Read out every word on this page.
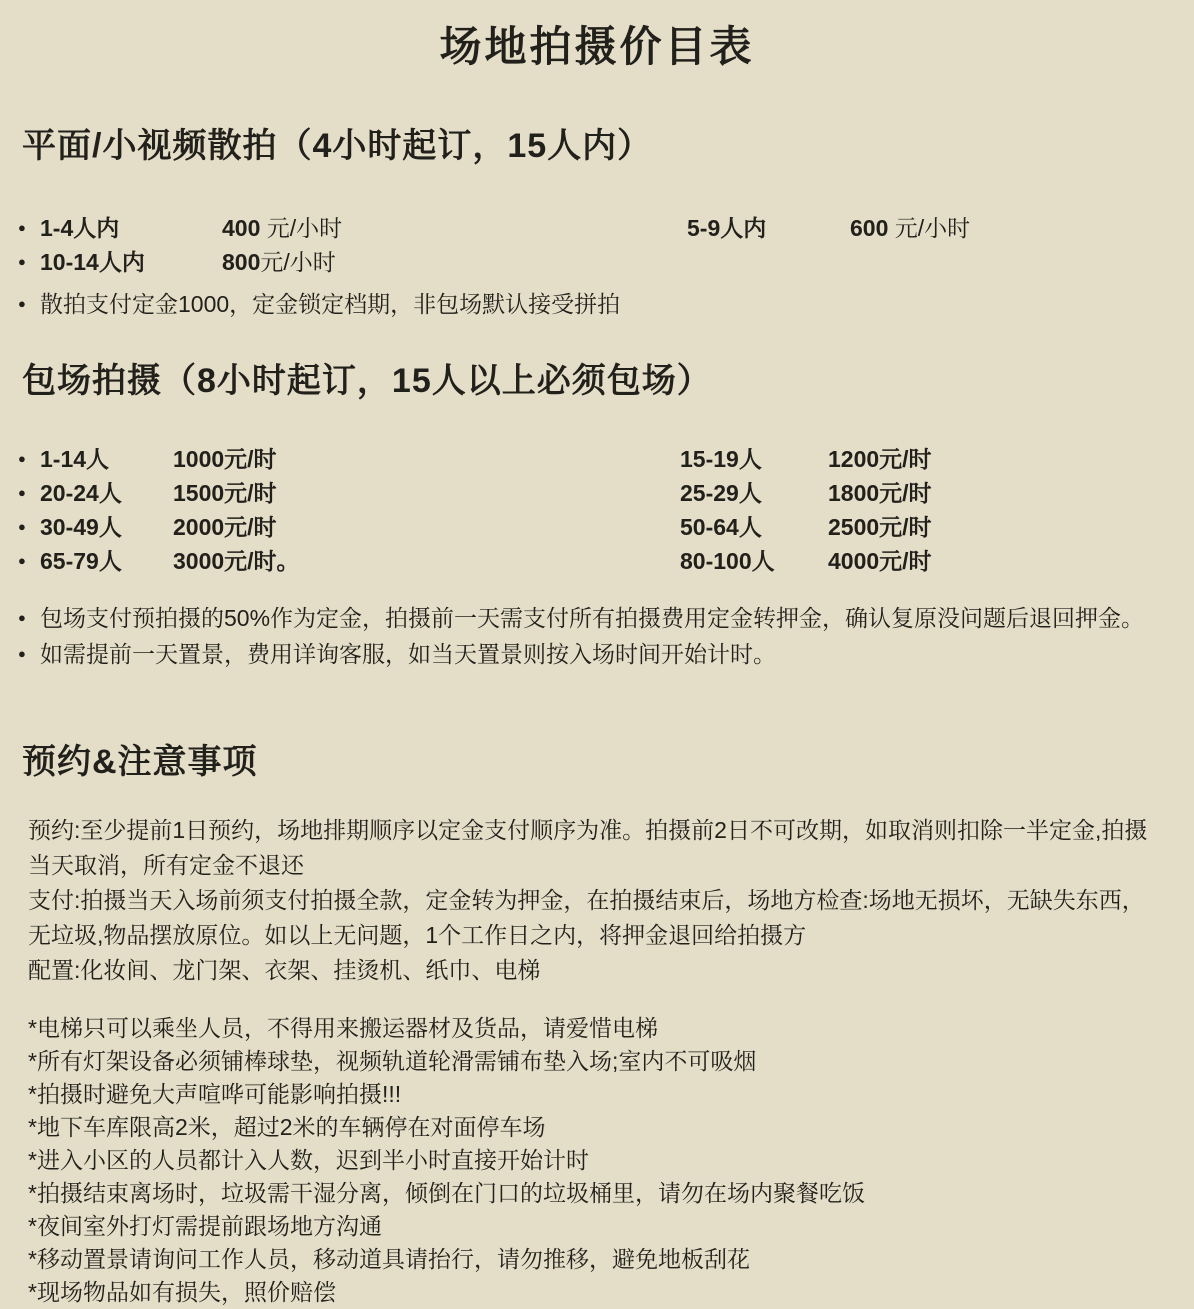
场地拍摄价目表
平面/小视频散拍（4小时起订，15人内）
● 1-4人内	400 元/小时	5-9人内	600 元/小时
● 10-14人内	800元/小时
● 散拍支付定金1000，定金锁定档期，非包场默认接受拼拍
包场拍摄（8小时起订，15人以上必须包场）
● 1-14人	1000元/时	15-19人	1200元/时
● 20-24人	1500元/时	25-29人	1800元/时
● 30-49人	2000元/时	50-64人	2500元/时
● 65-79人	3000元/时。	80-100人	4000元/时
● 包场支付预拍摄的50%作为定金，拍摄前一天需支付所有拍摄费用定金转押金，确认复原没问题后退回押金。
● 如需提前一天置景，费用详询客服，如当天置景则按入场时间开始计时。
预约&注意事项
预约:至少提前1日预约，场地排期顺序以定金支付顺序为准。拍摄前2日不可改期，如取消则扣除一半定金,拍摄当天取消，所有定金不退还
支付:拍摄当天入场前须支付拍摄全款，定金转为押金，在拍摄结束后，场地方检查:场地无损坏，无缺失东西，无垃圾,物品摆放原位。如以上无问题，1个工作日之内，将押金退回给拍摄方
配置:化妆间、龙门架、衣架、挂烫机、纸巾、电梯
*电梯只可以乘坐人员，不得用来搬运器材及货品，请爱惜电梯
*所有灯架设备必须铺棒球垫，视频轨道轮滑需铺布垫入场;室内不可吸烟
*拍摄时避免大声喧哗可能影响拍摄!!!
*地下车库限高2米，超过2米的车辆停在对面停车场
*进入小区的人员都计入人数，迟到半小时直接开始计时
*拍摄结束离场时，垃圾需干湿分离，倾倒在门口的垃圾桶里，请勿在场内聚餐吃饭
*夜间室外打灯需提前跟场地方沟通
*移动置景请询问工作人员，移动道具请抬行，请勿推移，避免地板刮花
*现场物品如有损失，照价赔偿
